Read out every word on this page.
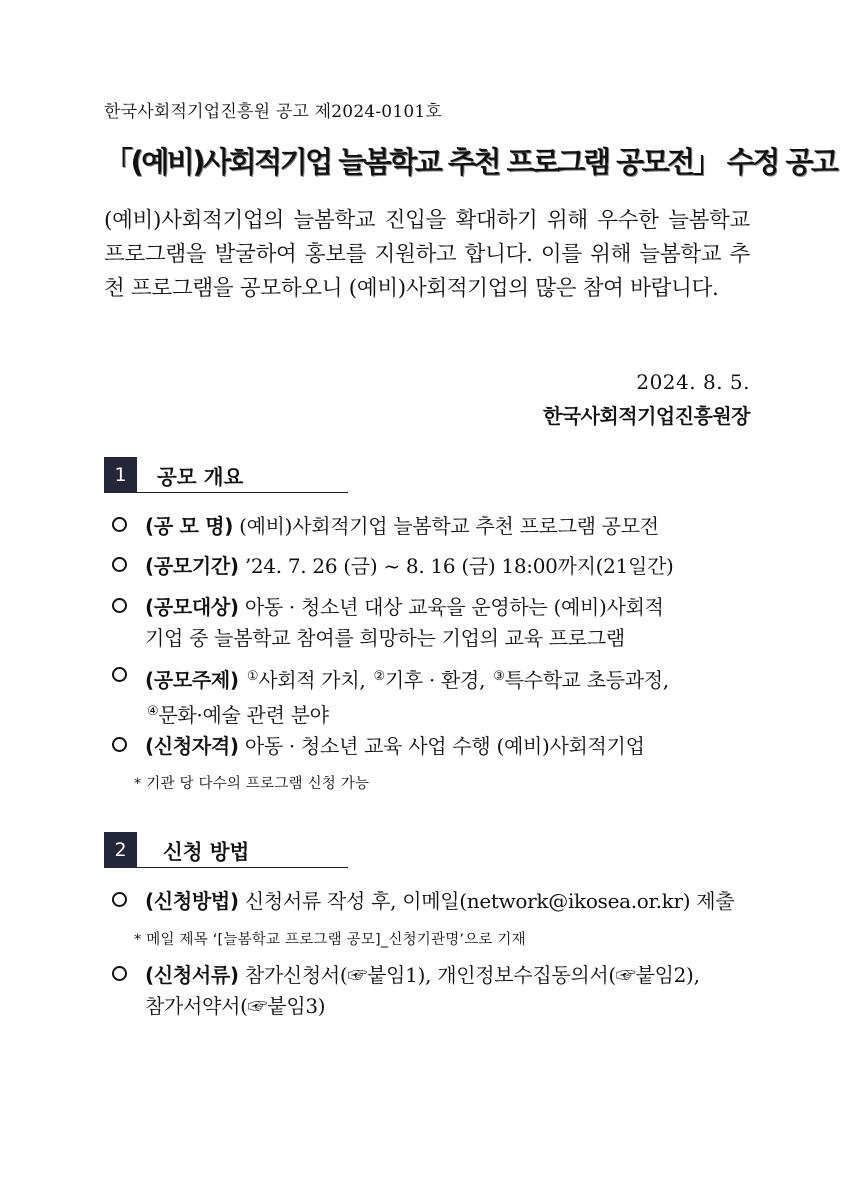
한국사회적기업진흥원 공고 제2024-0101호
「(예비)사회적기업 늘봄학교 추천 프로그램 공모전」 수정 공고

(예비)사회적기업의 늘봄학교 진입을 확대하기 위해 우수한 늘봄학교 프로그램을 발굴하여 홍보를 지원하고 합니다. 이를 위해 늘봄학교 추천 프로그램을 공모하오니 (예비)사회적기업의 많은 참여 바랍니다.

2024. 8. 5.
한국사회적기업진흥원장
1	공모 개요
(공 모 명) (예비)사회적기업 늘봄학교 추천 프로그램 공모전
(공모기간) ’24. 7. 26 (금) ~ 8. 16 (금) 18:00까지(21일간)
(공모대상) 아동 · 청소년 대상 교육을 운영하는 (예비)사회적
기업 중 늘봄학교 참여를 희망하는 기업의 교육 프로그램
(공모주제) ①사회적 가치, ②기후 · 환경, ③특수학교 초등과정,
④문화·예술 관련 분야
(신청자격) 아동 · 청소년 교육 사업 수행 (예비)사회적기업
* 기관 당 다수의 프로그램 신청 가능
2	신청 방법
(신청방법) 신청서류 작성 후, 이메일(network@ikosea.or.kr) 제출
* 메일 제목 ‘[늘봄학교 프로그램 공모]_신청기관명’으로 기재
(신청서류) 참가신청서(☞붙임1), 개인정보수집동의서(☞붙임2),
참가서약서(☞붙임3)
